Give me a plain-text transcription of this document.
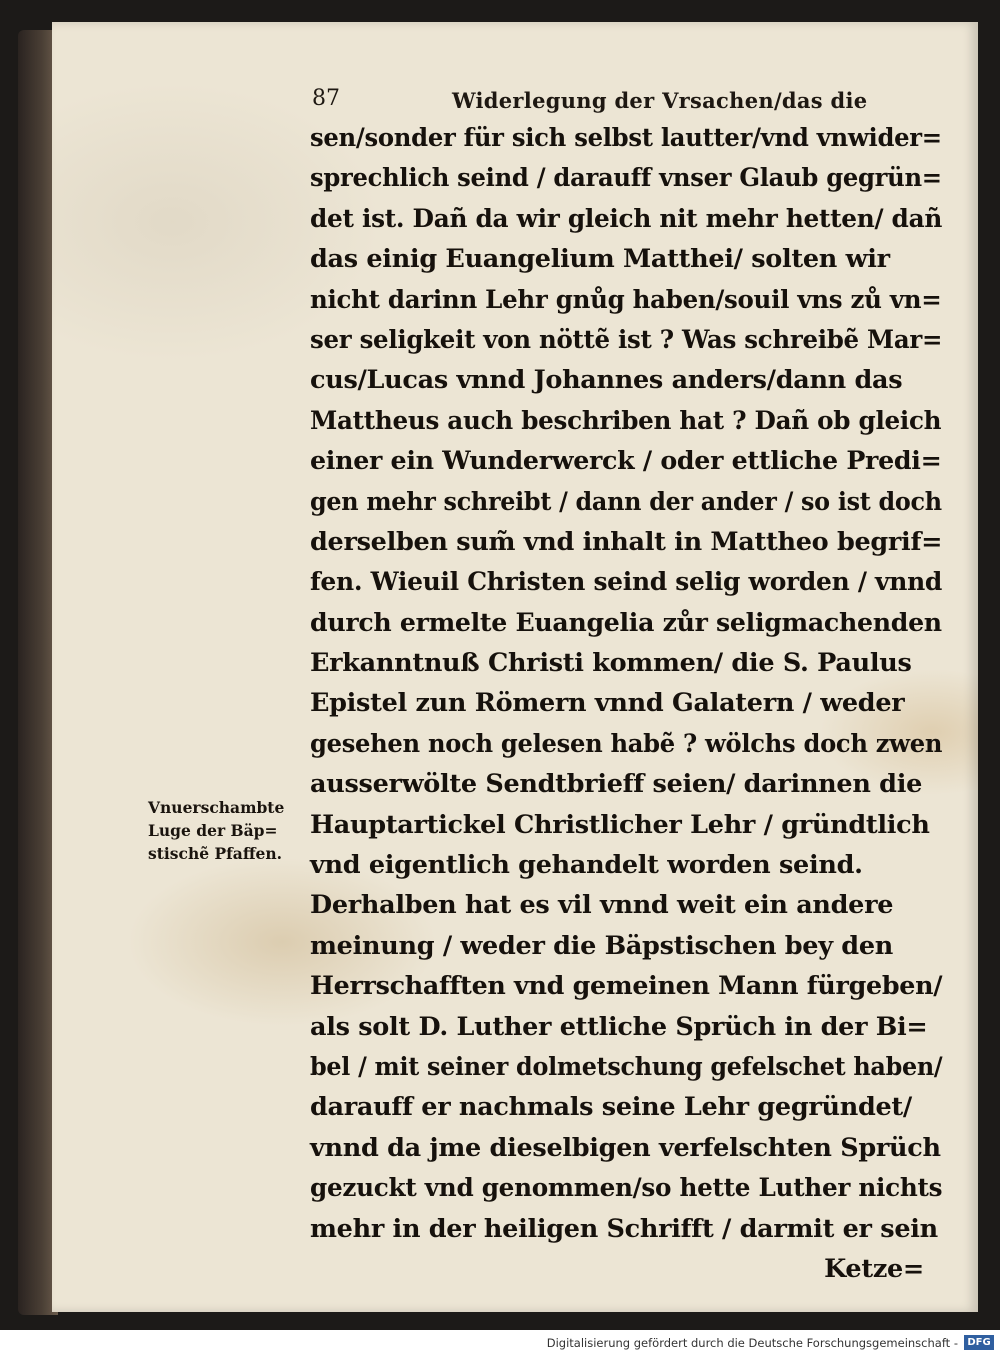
87	Widerlegung der Vrsachen/das die
sen/sonder für sich selbst lautter/vnd vnwider=
sprechlich seind / darauff vnser Glaub gegrün=
det ist. Dañ da wir gleich nit mehr hetten/ dañ
das einig Euangelium Matthei/ solten wir
nicht darinn Lehr gnůg haben/souil vns zů vn=
ser seligkeit von nöttẽ ist ? Was schreibẽ Mar=
cus/Lucas vnnd Johannes anders/dann das
Mattheus auch beschriben hat ? Dañ ob gleich
einer ein Wunderwerck / oder ettliche Predi=
gen mehr schreibt / dann der ander / so ist doch
derselben sum̃ vnd inhalt in Mattheo begrif=
fen. Wieuil Christen seind selig worden / vnnd
durch ermelte Euangelia zůr seligmachenden
Erkanntnuß Christi kommen/ die S. Paulus
Epistel zun Römern vnnd Galatern / weder
gesehen noch gelesen habẽ ? wölchs doch zwen
ausserwölte Sendtbrieff seien/ darinnen die
Hauptartickel Christlicher Lehr / gründtlich
vnd eigentlich gehandelt worden seind.
Derhalben hat es vil vnnd weit ein andere
meinung / weder die Bäpstischen bey den
Herrschafften vnd gemeinen Mann fürgeben/
als solt D. Luther ettliche Sprüch in der Bi=
bel / mit seiner dolmetschung gefelschet haben/
darauff er nachmals seine Lehr gegründet/
vnnd da jme dieselbigen verfelschten Sprüch
gezuckt vnd genommen/so hette Luther nichts
mehr in der heiligen Schrifft / darmit er sein
Ketze=
Vnuerschambte
Luge der Bäp=
stischẽ Pfaffen.
Digitalisierung gefördert durch die Deutsche Forschungsgemeinschaft - DFG
